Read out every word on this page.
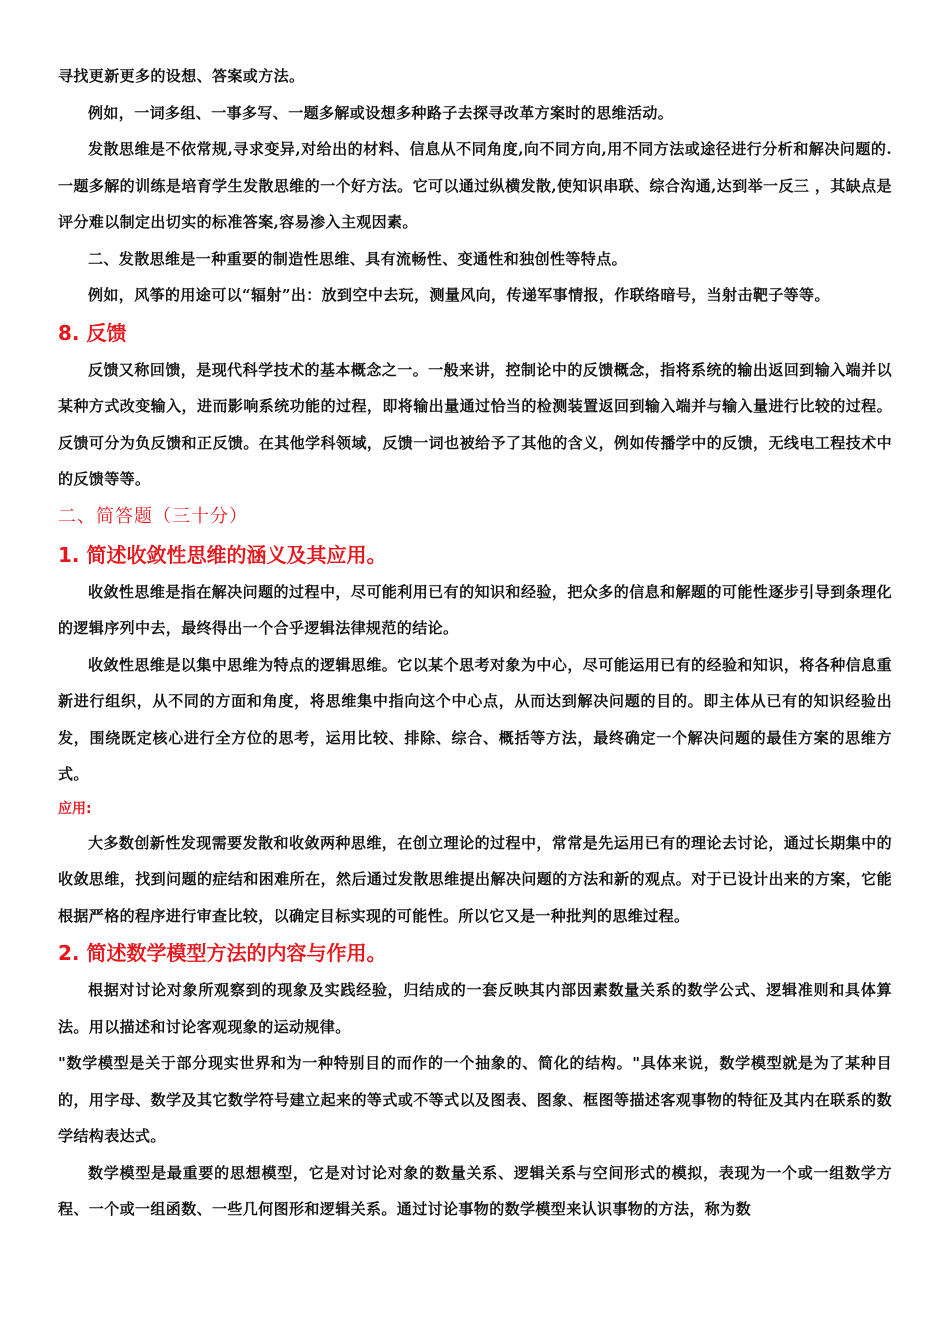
寻找更新更多的设想、答案或方法。

例如，一词多组、一事多写、一题多解或设想多种路子去探寻改革方案时的思维活动。

发散思维是不依常规,寻求变异,对给出的材料、信息从不同角度,向不同方向,用不同方法或途径进行分析和解决问题的.一题多解的训练是培育学生发散思维的一个好方法。它可以通过纵横发散,使知识串联、综合沟通,达到举一反三 ，其缺点是评分难以制定出切实的标准答案,容易渗入主观因素。

二、发散思维是一种重要的制造性思维、具有流畅性、变通性和独创性等特点。

例如，风筝的用途可以“辐射”出：放到空中去玩，测量风向，传递军事情报，作联络暗号，当射击靶子等等。

8. 反馈

反馈又称回馈，是现代科学技术的基本概念之一。一般来讲，控制论中的反馈概念，指将系统的输出返回到输入端并以某种方式改变输入，进而影响系统功能的过程，即将输出量通过恰当的检测装置返回到输入端并与输入量进行比较的过程。反馈可分为负反馈和正反馈。在其他学科领域，反馈一词也被给予了其他的含义，例如传播学中的反馈，无线电工程技术中的反馈等等。

二、简答题（三十分）
1. 简述收敛性思维的涵义及其应用。

收敛性思维是指在解决问题的过程中，尽可能利用已有的知识和经验，把众多的信息和解题的可能性逐步引导到条理化的逻辑序列中去，最终得出一个合乎逻辑法律规范的结论。

收敛性思维是以集中思维为特点的逻辑思维。它以某个思考对象为中心，尽可能运用已有的经验和知识，将各种信息重新进行组织，从不同的方面和角度，将思维集中指向这个中心点，从而达到解决问题的目的。即主体从已有的知识经验出发，围绕既定核心进行全方位的思考，运用比较、排除、综合、概括等方法，最终确定一个解决问题的最佳方案的思维方式。

应用:

大多数创新性发现需要发散和收敛两种思维，在创立理论的过程中，常常是先运用已有的理论去讨论，通过长期集中的收敛思维，找到问题的症结和困难所在，然后通过发散思维提出解决问题的方法和新的观点。对于已设计出来的方案，它能根据严格的程序进行审查比较，以确定目标实现的可能性。所以它又是一种批判的思维过程。

2. 简述数学模型方法的内容与作用。

根据对讨论对象所观察到的现象及实践经验，归结成的一套反映其内部因素数量关系的数学公式、逻辑准则和具体算法。用以描述和讨论客观现象的运动规律。

"数学模型是关于部分现实世界和为一种特别目的而作的一个抽象的、简化的结构。"具体来说，数学模型就是为了某种目的，用字母、数学及其它数学符号建立起来的等式或不等式以及图表、图象、框图等描述客观事物的特征及其内在联系的数学结构表达式。

数学模型是最重要的思想模型，它是对讨论对象的数量关系、逻辑关系与空间形式的模拟，表现为一个或一组数学方程、一个或一组函数、一些几何图形和逻辑关系。通过讨论事物的数学模型来认识事物的方法，称为数
